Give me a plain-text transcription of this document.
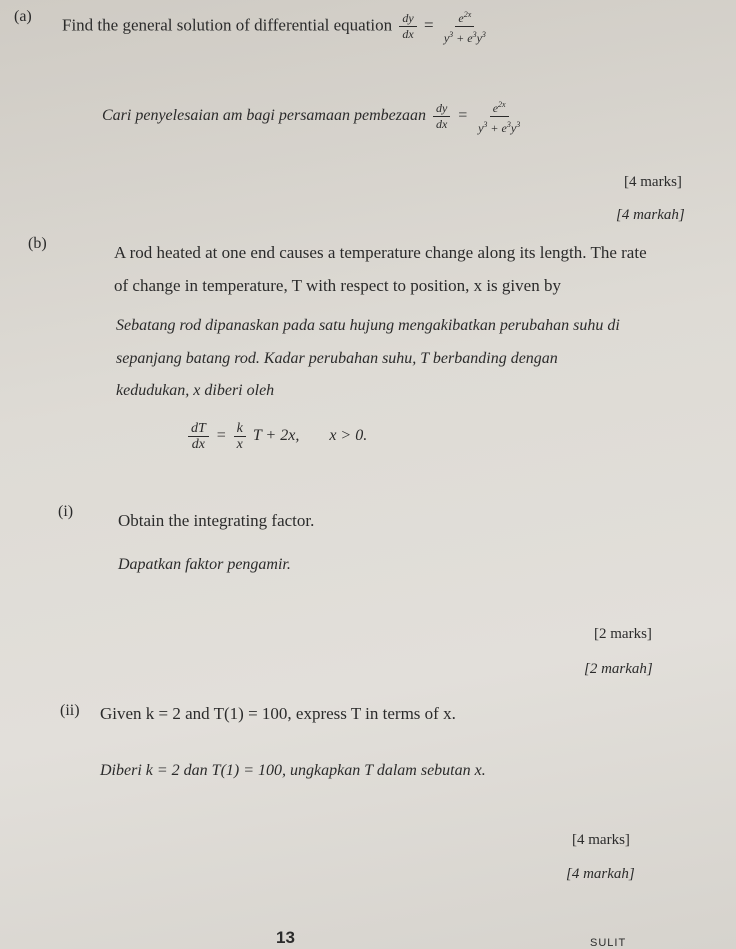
(a) Find the general solution of differential equation $\frac{dy}{dx} = \frac{e^{2x}}{y^3 + e^3y^3}$
Cari penyelesaian am bagi persamaan pembezaan $\frac{dy}{dx} = \frac{e^{2x}}{y^3 + e^3y^3}$
[4 marks]
[4 markah]
(b)	A rod heated at one end causes a temperature change along its length. The rate
of change in temperature, T with respect to position, x is given by
Sebatang rod dipanaskan pada satu hujung mengakibatkan perubahan suhu di
sepanjang batang rod. Kadar perubahan suhu, T berbanding dengan
kedudukan, x diberi oleh
$\frac{dT}{dx} = \frac{k}{x}$ T + 2x, x > 0.
(i)	Obtain the integrating factor.
Dapatkan faktor pengamir.
[2 marks]
[2 markah]
(ii) Given k = 2 and T(1) = 100, express T in terms of x.
Diberi k = 2 dan T(1) = 100, ungkapkan T dalam sebutan x.
[4 marks]
[4 markah]
13	SULIT
